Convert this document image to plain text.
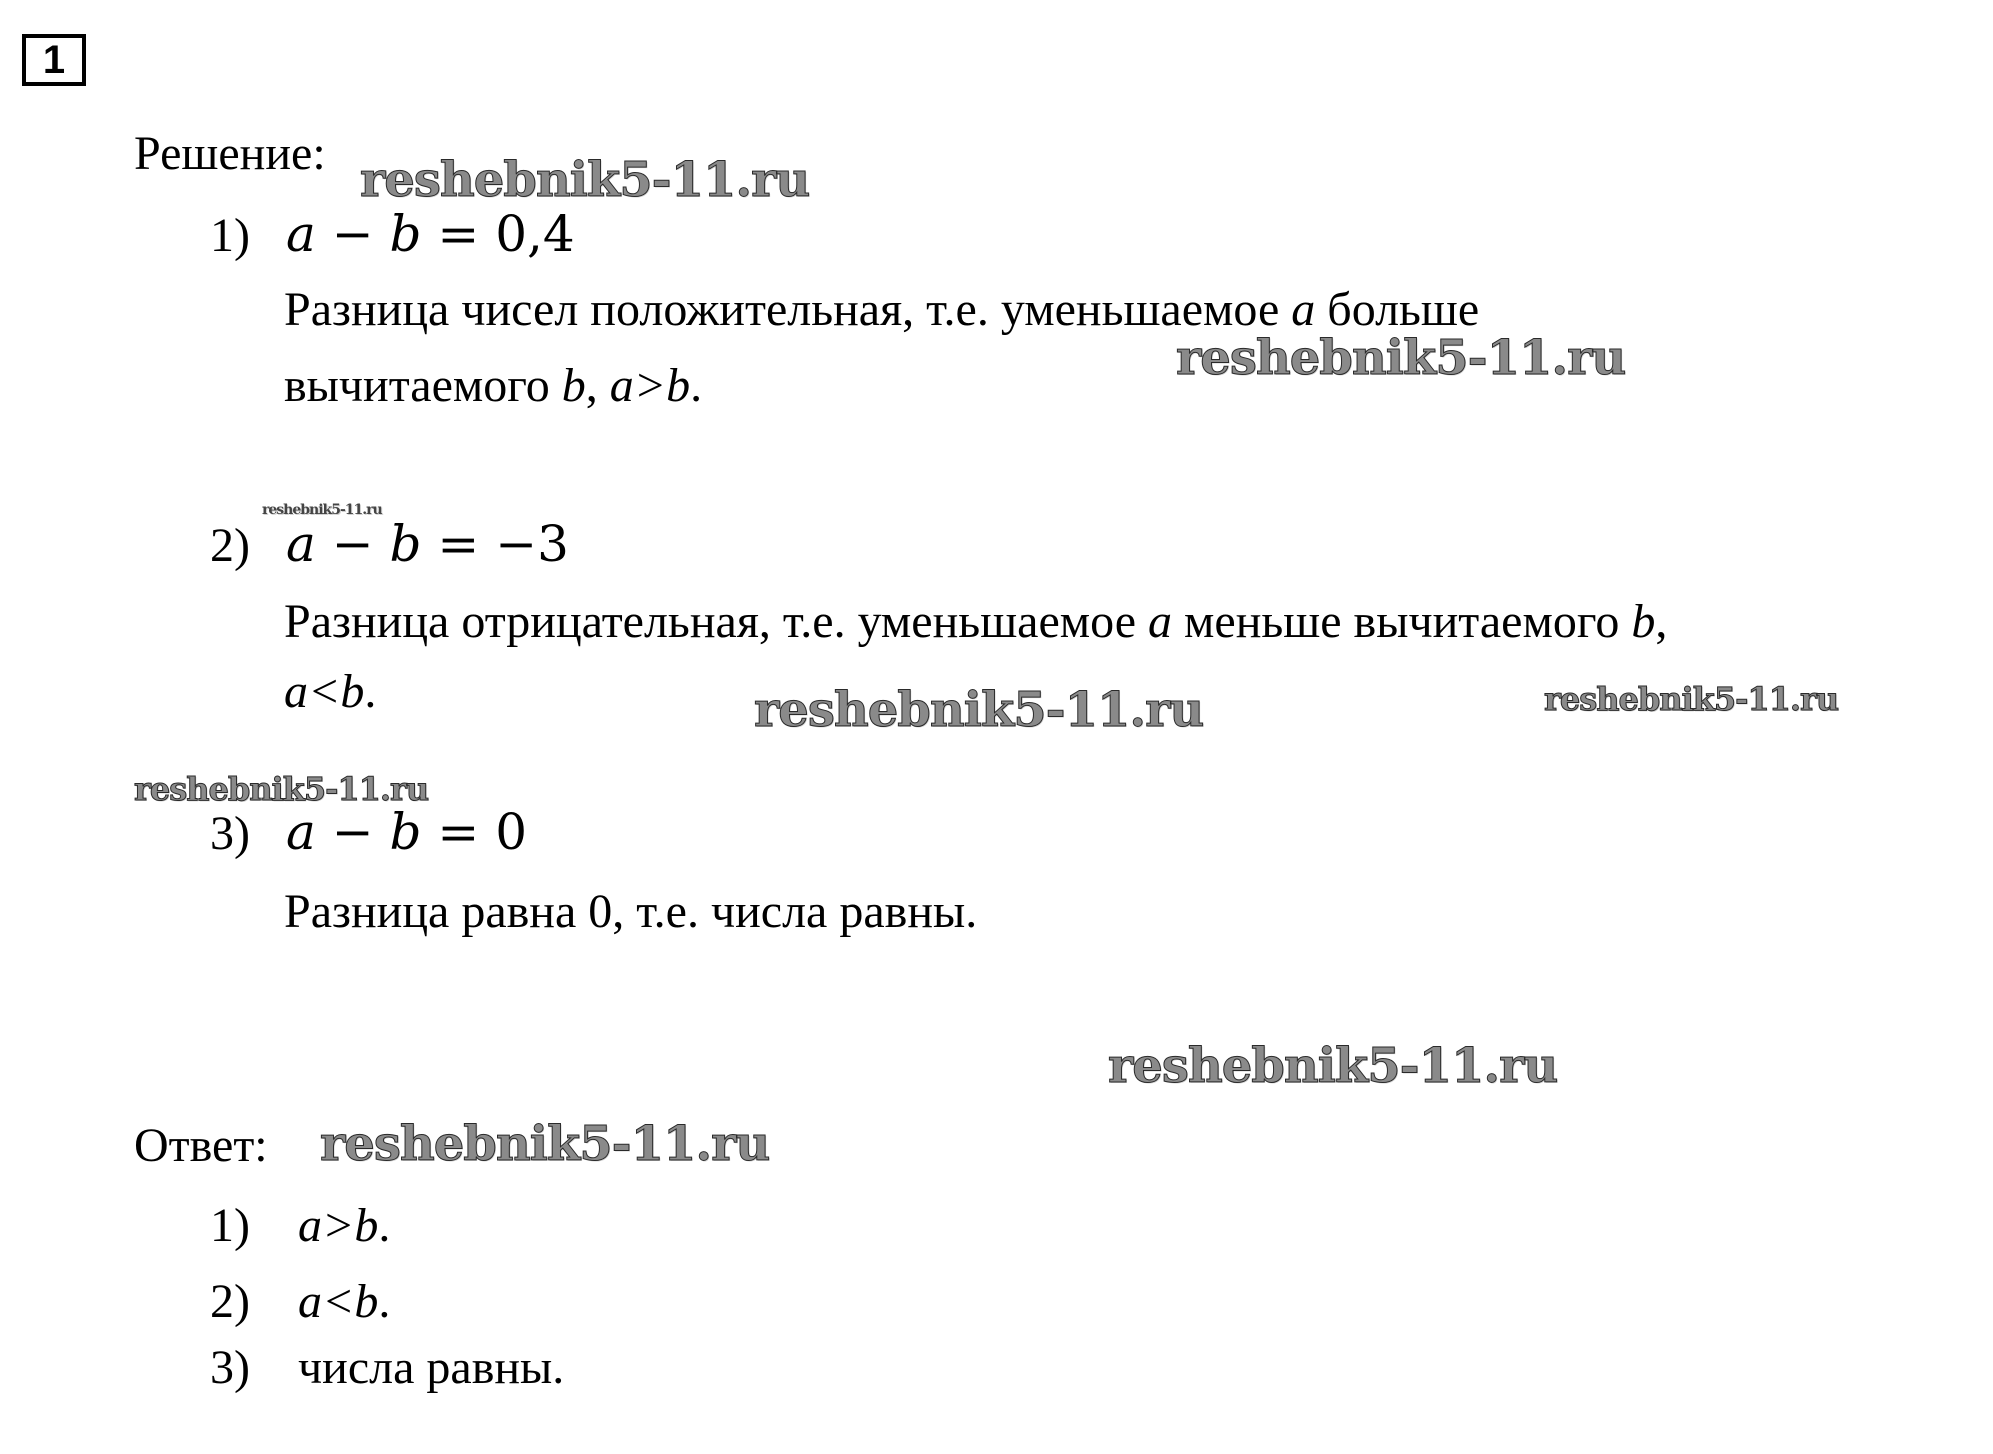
1
Решение:
1) a − b = 0,4
Разница чисел положительная, т.е. уменьшаемое a больше
вычитаемого b, a>b.
2) a − b = −3
Разница отрицательная, т.е. уменьшаемое a меньше вычитаемого b,
a<b.
3) a − b = 0
Разница равна 0, т.е. числа равны.
Ответ:
1) a>b.
2) a<b.
3) числа равны.
reshebnik5-11.ru
reshebnik5-11.ru
reshebnik5-11.ru
reshebnik5-11.ru	reshebnik5-11.ru
reshebnik5-11.ru
reshebnik5-11.ru
reshebnik5-11.ru
